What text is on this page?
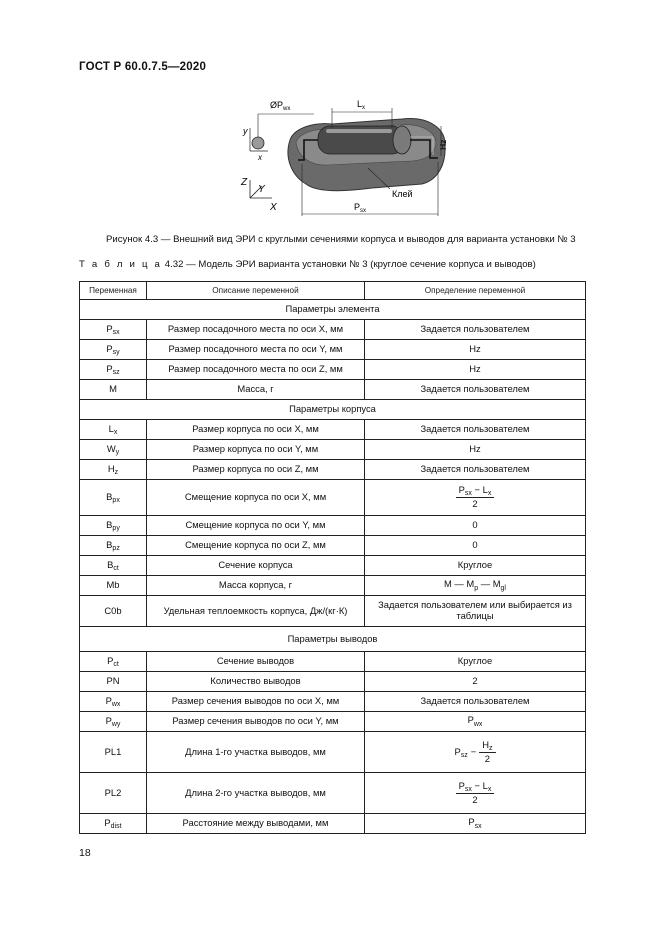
ГОСТ Р 60.0.7.5—2020
y
x
$ØP_{wx}$	$L_x$
Hz
Клей
$P_{sx}$
Z
Y
X
Рисунок 4.3 — Внешний вид ЭРИ с круглыми сечениями корпуса и выводов для варианта установки № 3
Т а б л и ц а 4.32 — Модель ЭРИ варианта установки № 3 (круглое сечение корпуса и выводов)
Переменная	Описание переменной	Определение переменной
Параметры элемента		
$P_{sx}$	Размер посадочного места по оси X, мм	Задается пользователем
$P_{sy}$	Размер посадочного места по оси Y, мм	Hz
$P_{sz}$	Размер посадочного места по оси Z, мм	Hz
M	Масса, г	Задается пользователем
Параметры корпуса		
$L_x$	Размер корпуса по оси X, мм	Задается пользователем
$W_y$	Размер корпуса по оси Y, мм	Hz
$H_z$	Размер корпуса по оси Z, мм	Задается пользователем
$B_{px}$	Смещение корпуса по оси X, мм	$\frac{P_{sx} - L_x}{2}$

$B_{py}$	Смещение корпуса по оси Y, мм	0
$B_{pz}$	Смещение корпуса по оси Z, мм	0
$B_{ct}$	Сечение корпуса	Круглое
Mb	Масса корпуса, г	M — $M_p$ — $M_{gl}$
C0b	Удельная теплоемкость корпуса, Дж/(кг·К)	Задается пользователем или выбирается из таблицы
Параметры выводов		
$P_{ct}$	Сечение выводов	Круглое
PN	Количество выводов	2
$P_{wx}$	Размер сечения выводов по оси X, мм	Задается пользователем
$P_{wy}$	Размер сечения выводов по оси Y, мм	$P_{wx}$
PL1	Длина 1-го участка выводов, мм	$P_{sz} - \frac{H_z}{2}$

PL2	Длина 2-го участка выводов, мм	$\frac{P_{sx} - L_x}{2}$

$P_{dist}$	Расстояние между выводами, мм	$P_{sx}$
18
